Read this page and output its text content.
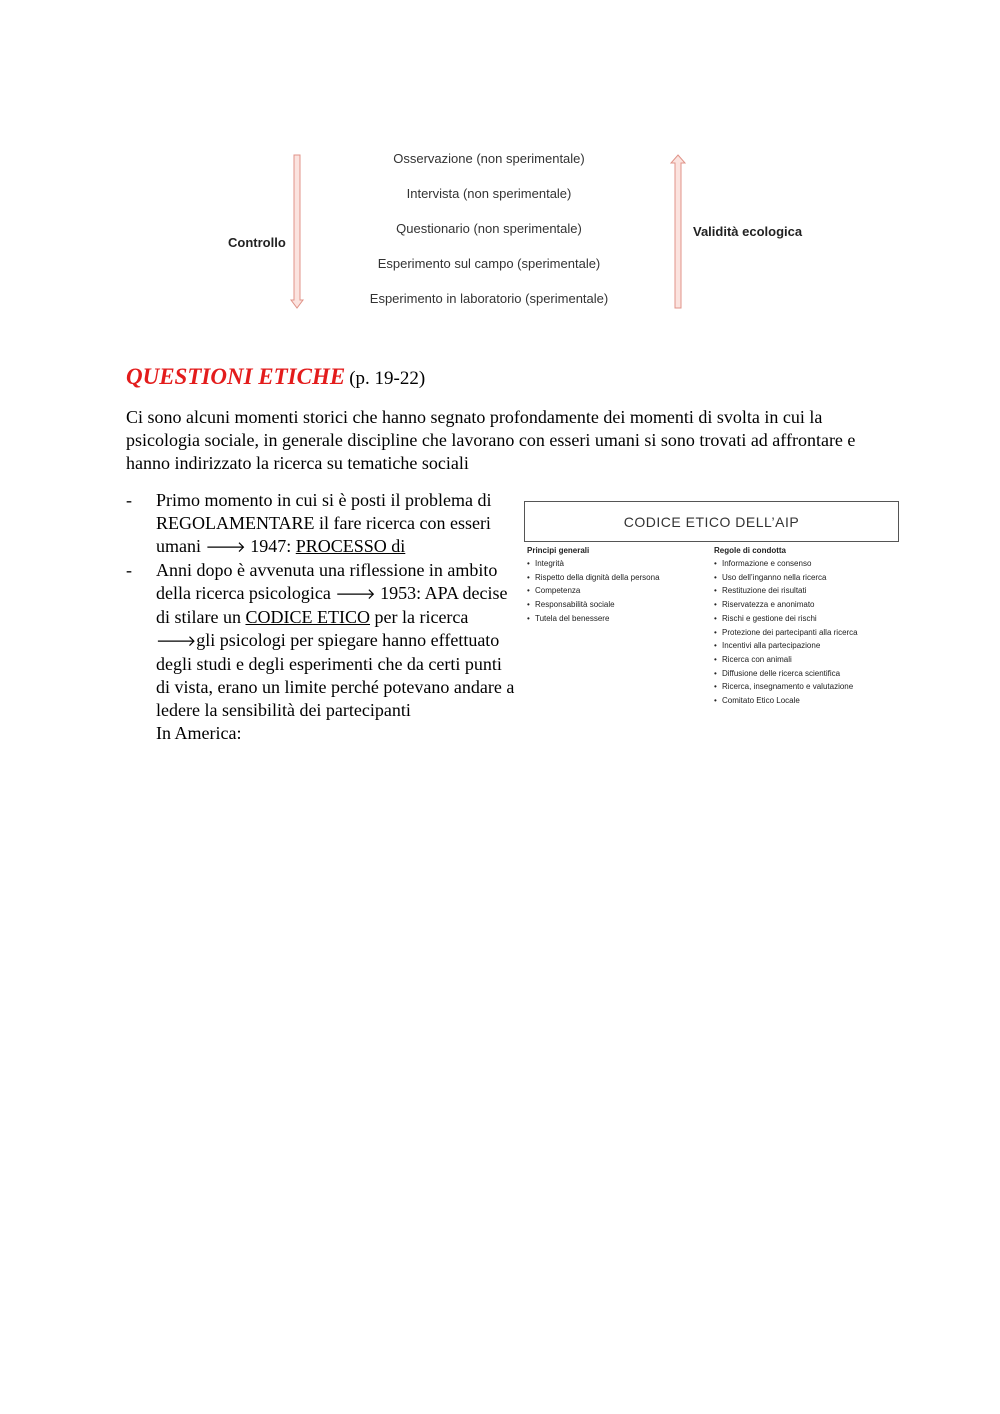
Controllo
Validità ecologica
Osservazione (non sperimentale)
Intervista (non sperimentale)
Questionario (non sperimentale)
Esperimento sul campo (sperimentale)
Esperimento in laboratorio (sperimentale)
QUESTIONI ETICHE (p. 19-22)

Ci sono alcuni momenti storici che hanno segnato profondamente dei momenti di svolta in cui la psicologia sociale, in generale discipline che lavorano con esseri umani si sono trovati ad affrontare e hanno indirizzato la ricerca su tematiche sociali

- Primo momento in cui si è posti il problema di REGOLAMENTARE il fare ricerca con esseri umani 🡒 1947: PROCESSO di
- Anni dopo è avvenuta una riflessione in ambito della ricerca psicologica 🡒 1953: APA decise di stilare un CODICE ETICO per la ricerca 🡒gli psicologi per spiegare hanno effettuato degli studi e degli esperimenti che da certi punti di vista, erano un limite perché potevano andare a ledere la sensibilità dei partecipanti
In America:
CODICE ETICO DELL’AIP
Principi generali
• Integrità
• Rispetto della dignità della persona
• Competenza
• Responsabilità sociale
• Tutela del benessere
Regole di condotta
• Informazione e consenso
• Uso dell’inganno nella ricerca
• Restituzione dei risultati
• Riservatezza e anonimato
• Rischi e gestione dei rischi
• Protezione dei partecipanti alla ricerca
• Incentivi alla partecipazione
• Ricerca con animali
• Diffusione delle ricerca scientifica
• Ricerca, insegnamento e valutazione
• Comitato Etico Locale
